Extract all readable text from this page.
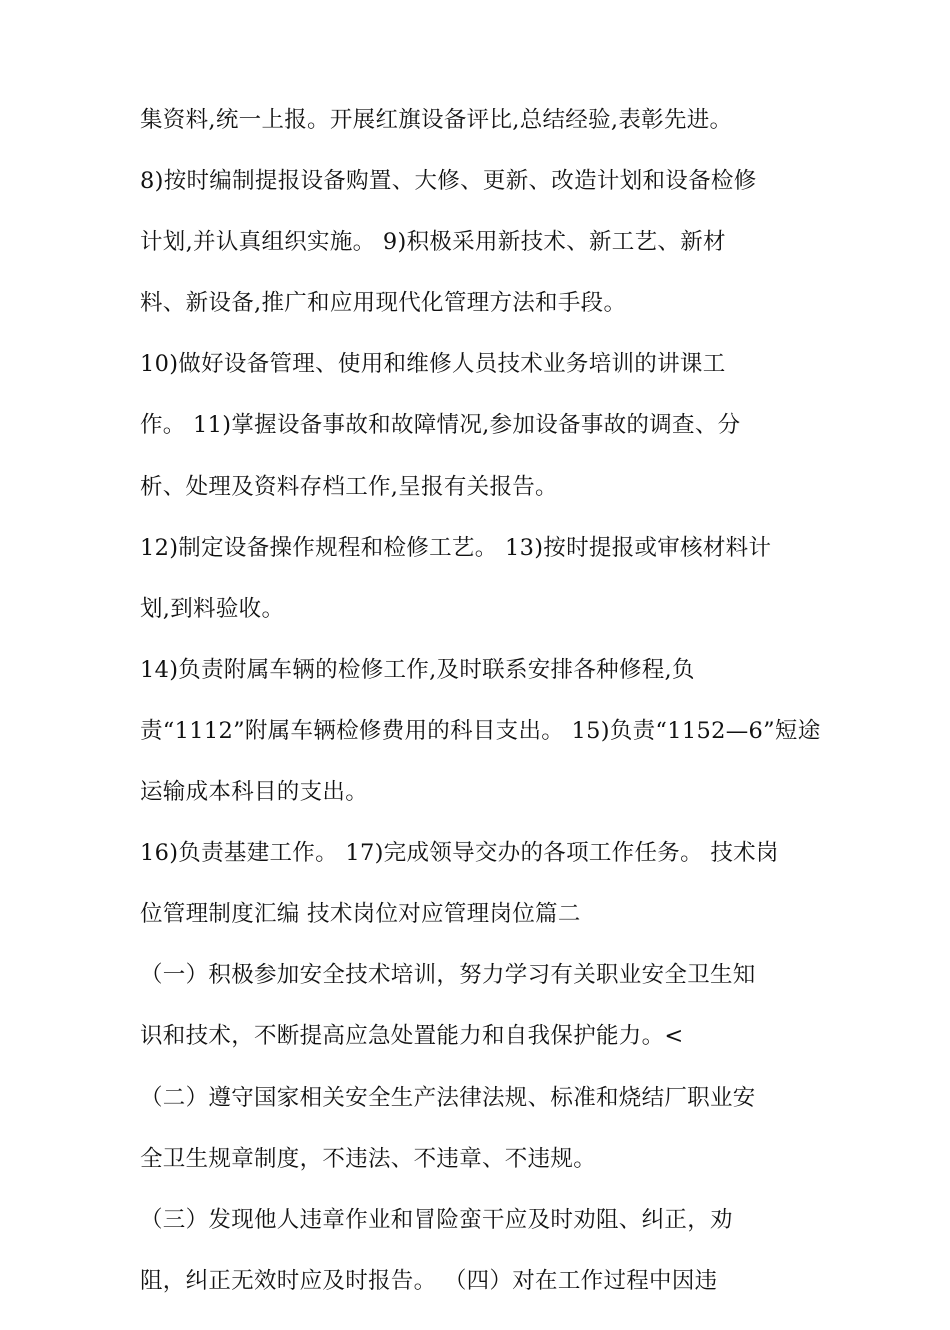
集资料,统一上报。开展红旗设备评比,总结经验,表彰先进。
8)按时编制提报设备购置、大修、更新、改造计划和设备检修
计划,并认真组织实施。 9)积极采用新技术、新工艺、新材
料、新设备,推广和应用现代化管理方法和手段。
10)做好设备管理、使用和维修人员技术业务培训的讲课工
作。 11)掌握设备事故和故障情况,参加设备事故的调查、分
析、处理及资料存档工作,呈报有关报告。
12)制定设备操作规程和检修工艺。 13)按时提报或审核材料计
划,到料验收。
14)负责附属车辆的检修工作,及时联系安排各种修程,负
责“1112”附属车辆检修费用的科目支出。 15)负责“1152—6”短途
运输成本科目的支出。
16)负责基建工作。 17)完成领导交办的各项工作任务。 技术岗
位管理制度汇编 技术岗位对应管理岗位篇二
（一）积极参加安全技术培训，努力学习有关职业安全卫生知
识和技术，不断提高应急处置能力和自我保护能力。<
（二）遵守国家相关安全生产法律法规、标准和烧结厂职业安
全卫生规章制度，不违法、不违章、不违规。
（三）发现他人违章作业和冒险蛮干应及时劝阻、纠正，劝
阻，纠正无效时应及时报告。 （四）对在工作过程中因违
